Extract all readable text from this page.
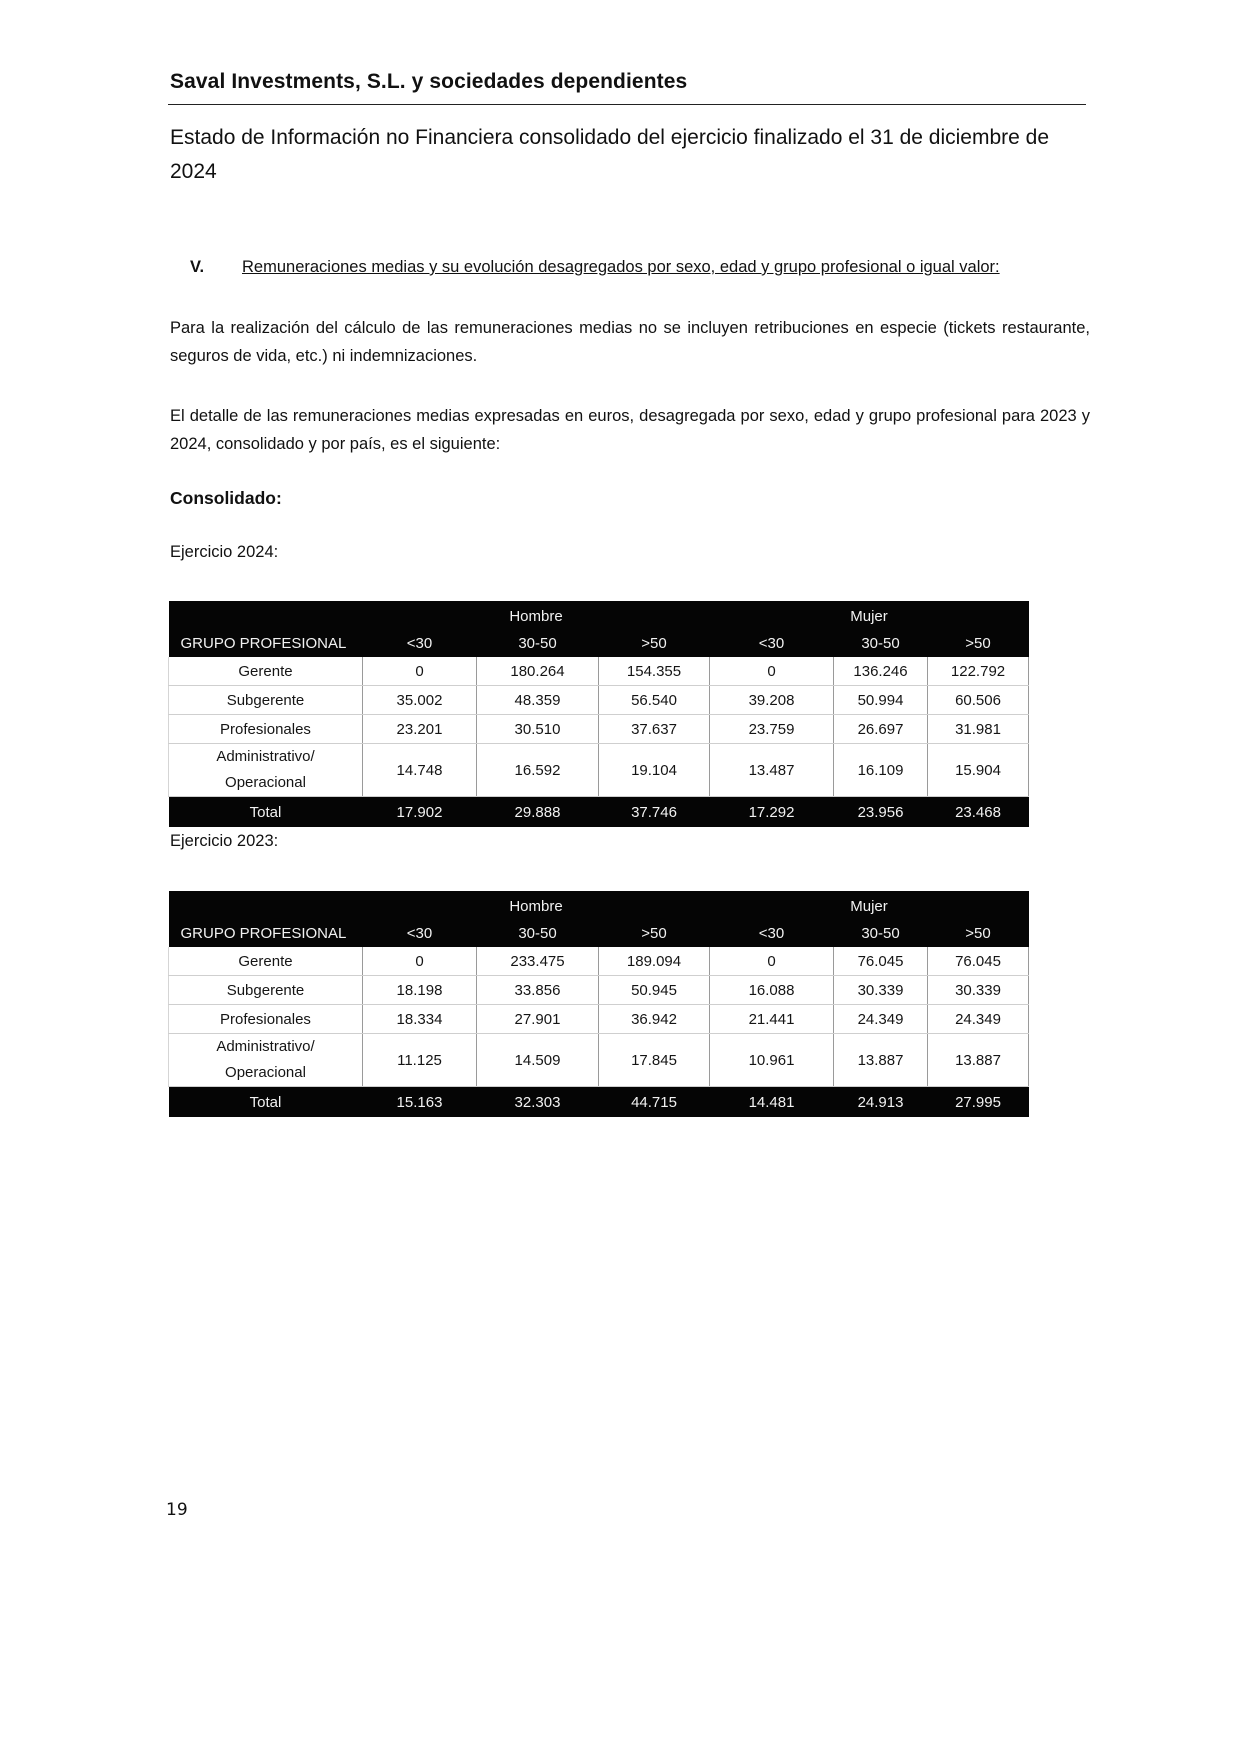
Saval Investments, S.L. y sociedades dependientes
Estado de Información no Financiera consolidado del ejercicio finalizado el 31 de diciembre de 2024
V. Remuneraciones medias y su evolución desagregados por sexo, edad y grupo profesional o igual valor:
Para la realización del cálculo de las remuneraciones medias no se incluyen retribuciones en especie (tickets restaurante, seguros de vida, etc.) ni indemnizaciones.
El detalle de las remuneraciones medias expresadas en euros, desagregada por sexo, edad y grupo profesional para 2023 y 2024, consolidado y por país, es el siguiente:
Consolidado:
Ejercicio 2024:
	Hombre			Mujer		
GRUPO PROFESIONAL	<30	30-50	>50	<30	30-50	>50
Gerente	0	180.264	154.355	0	136.246	122.792
Subgerente	35.002	48.359	56.540	39.208	50.994	60.506
Profesionales	23.201	30.510	37.637	23.759	26.697	31.981
Administrativo/
Operacional	14.748	16.592	19.104	13.487	16.109	15.904
Total	17.902	29.888	37.746	17.292	23.956	23.468
Ejercicio 2023:
	Hombre			Mujer		
GRUPO PROFESIONAL	<30	30-50	>50	<30	30-50	>50
Gerente	0	233.475	189.094	0	76.045	76.045
Subgerente	18.198	33.856	50.945	16.088	30.339	30.339
Profesionales	18.334	27.901	36.942	21.441	24.349	24.349
Administrativo/
Operacional	11.125	14.509	17.845	10.961	13.887	13.887
Total	15.163	32.303	44.715	14.481	24.913	27.995
19
